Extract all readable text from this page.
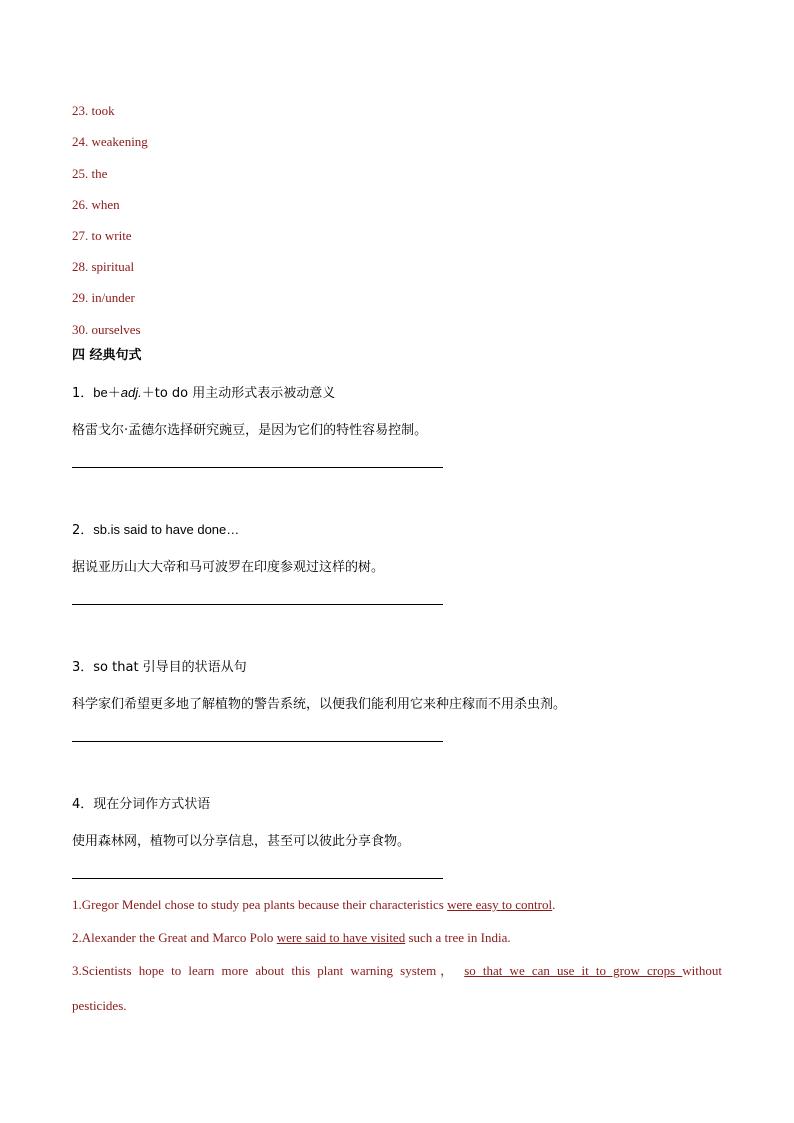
23. took
24. weakening
25. the
26. when
27. to write
28. spiritual
29. in/under
30. ourselves
四 经典句式
1．be＋adj.＋to do 用主动形式表示被动意义
格雷戈尔·孟德尔选择研究豌豆，是因为它们的特性容易控制。
2．sb.is said to have done…
据说亚历山大大帝和马可波罗在印度参观过这样的树。
3．so that 引导目的状语从句
科学家们希望更多地了解植物的警告系统，以便我们能利用它来种庄稼而不用杀虫剂。
4．现在分词作方式状语
使用森林网，植物可以分享信息，甚至可以彼此分享食物。
1.Gregor Mendel chose to study pea plants because their characteristics were easy to control.
2.Alexander the Great and Marco Polo were said to have visited such a tree in India.
3.Scientists hope to learn more about this plant warning system， so that we can use it to grow crops without
pesticides.
